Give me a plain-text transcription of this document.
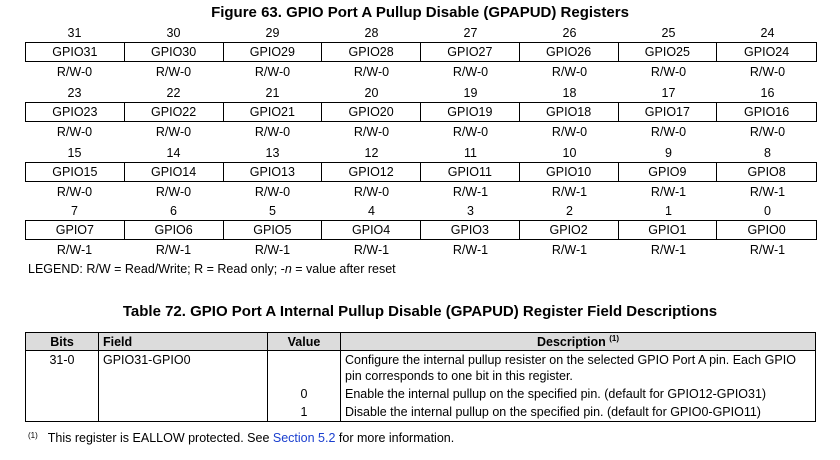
Figure 63. GPIO Port A Pullup Disable (GPAPUD) Registers
31	30	29	28	27	26	25	24
GPIO31	GPIO30	GPIO29	GPIO28	GPIO27	GPIO26	GPIO25	GPIO24
R/W-0	R/W-0	R/W-0	R/W-0	R/W-0	R/W-0	R/W-0	R/W-0
23	22	21	20	19	18	17	16
GPIO23	GPIO22	GPIO21	GPIO20	GPIO19	GPIO18	GPIO17	GPIO16
R/W-0	R/W-0	R/W-0	R/W-0	R/W-0	R/W-0	R/W-0	R/W-0
15	14	13	12	11	10	9	8
GPIO15	GPIO14	GPIO13	GPIO12	GPIO11	GPIO10	GPIO9	GPIO8
R/W-0	R/W-0	R/W-0	R/W-0	R/W-1	R/W-1	R/W-1	R/W-1
7	6	5	4	3	2	1	0
GPIO7	GPIO6	GPIO5	GPIO4	GPIO3	GPIO2	GPIO1	GPIO0
R/W-1	R/W-1	R/W-1	R/W-1	R/W-1	R/W-1	R/W-1	R/W-1
LEGEND: R/W = Read/Write; R = Read only; -n = value after reset
Table 72. GPIO Port A Internal Pullup Disable (GPAPUD) Register Field Descriptions
Bits	Field	Value	Description $^{(1)}$
31-0	GPIO31-GPIO0		Configure the internal pullup resister on the selected GPIO Port A pin. Each GPIO pin corresponds to one bit in this register.
		0	Enable the internal pullup on the specified pin. (default for GPIO12-GPIO31)
		1	Disable the internal pullup on the specified pin. (default for GPIO0-GPIO11)
$^{(1)}$ This register is EALLOW protected. See Section 5.2 for more information.
